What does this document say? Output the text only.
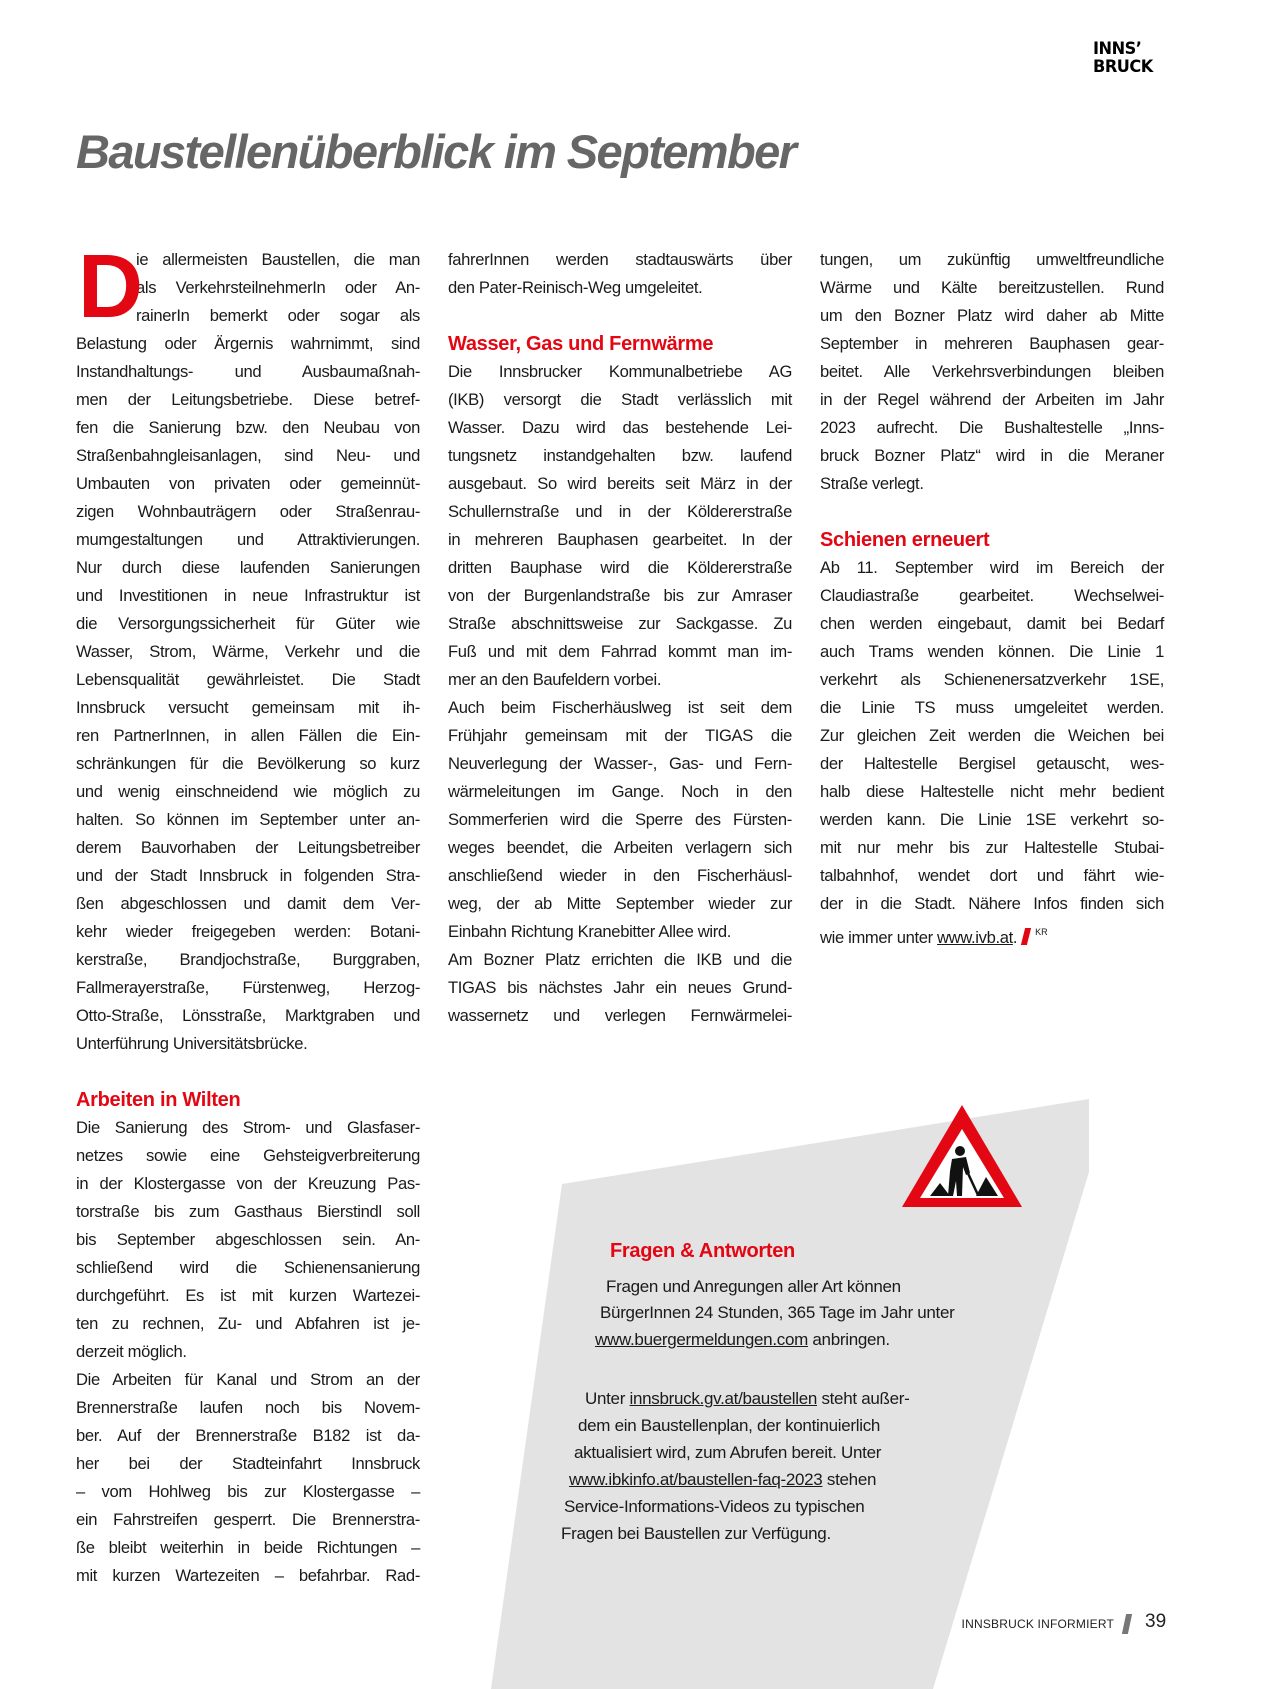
INNS’
BRUCK
Baustellenüberblick im September

D
ie allermeisten Baustellen, die man
als VerkehrsteilnehmerIn oder An-
rainerIn bemerkt oder sogar als
Belastung oder Ärgernis wahrnimmt, sind
Instandhaltungs- und Ausbaumaßnah-
men der Leitungsbetriebe. Diese betref-
fen die Sanierung bzw. den Neubau von
Straßenbahngleisanlagen, sind Neu- und
Umbauten von privaten oder gemeinnüt-
zigen Wohnbauträgern oder Straßenrau-
mumgestaltungen und Attraktivierungen.
Nur durch diese laufenden Sanierungen
und Investitionen in neue Infrastruktur ist
die Versorgungssicherheit für Güter wie
Wasser, Strom, Wärme, Verkehr und die
Lebensqualität gewährleistet. Die Stadt
Innsbruck versucht gemeinsam mit ih-
ren PartnerInnen, in allen Fällen die Ein-
schränkungen für die Bevölkerung so kurz
und wenig einschneidend wie möglich zu
halten. So können im September unter an-
derem Bauvorhaben der Leitungsbetreiber
und der Stadt Innsbruck in folgenden Stra-
ßen abgeschlossen und damit dem Ver-
kehr wieder freigegeben werden: Botani-
kerstraße, Brandjochstraße, Burggraben,
Fallmerayerstraße, Fürstenweg, Herzog-
Otto-Straße, Lönsstraße, Marktgraben und
Unterführung Universitätsbrücke.

Arbeiten in Wilten

Die Sanierung des Strom- und Glasfaser-
netzes sowie eine Gehsteigverbreiterung
in der Klostergasse von der Kreuzung Pas-
torstraße bis zum Gasthaus Bierstindl soll
bis September abgeschlossen sein. An-
schließend wird die Schienensanierung
durchgeführt. Es ist mit kurzen Wartezei-
ten zu rechnen, Zu- und Abfahren ist je-
derzeit möglich.

Die Arbeiten für Kanal und Strom an der
Brennerstraße laufen noch bis Novem-
ber. Auf der Brennerstraße B182 ist da-
her bei der Stadteinfahrt Innsbruck
– vom Hohlweg bis zur Klostergasse –
ein Fahrstreifen gesperrt. Die Brennerstra-
ße bleibt weiterhin in beide Richtungen –
mit kurzen Wartezeiten – befahrbar. Rad-

fahrerInnen werden stadtauswärts über
den Pater-Reinisch-Weg umgeleitet.

Wasser, Gas und Fernwärme

Die Innsbrucker Kommunalbetriebe AG
(IKB) versorgt die Stadt verlässlich mit
Wasser. Dazu wird das bestehende Lei-
tungsnetz instandgehalten bzw. laufend
ausgebaut. So wird bereits seit März in der
Schullernstraße und in der Köldererstraße
in mehreren Bauphasen gearbeitet. In der
dritten Bauphase wird die Köldererstraße
von der Burgenlandstraße bis zur Amraser
Straße abschnittsweise zur Sackgasse. Zu
Fuß und mit dem Fahrrad kommt man im-
mer an den Baufeldern vorbei.

Auch beim Fischerhäuslweg ist seit dem
Frühjahr gemeinsam mit der TIGAS die
Neuverlegung der Wasser-, Gas- und Fern-
wärmeleitungen im Gange. Noch in den
Sommerferien wird die Sperre des Fürsten-
weges beendet, die Arbeiten verlagern sich
anschließend wieder in den Fischerhäusl-
weg, der ab Mitte September wieder zur
Einbahn Richtung Kranebitter Allee wird.

Am Bozner Platz errichten die IKB und die
TIGAS bis nächstes Jahr ein neues Grund-
wassernetz und verlegen Fernwärmelei-

tungen, um zukünftig umweltfreundliche
Wärme und Kälte bereitzustellen. Rund
um den Bozner Platz wird daher ab Mitte
September in mehreren Bauphasen gear-
beitet. Alle Verkehrsverbindungen bleiben
in der Regel während der Arbeiten im Jahr
2023 aufrecht. Die Bushaltestelle „Inns-
bruck Bozner Platz“ wird in die Meraner
Straße verlegt.

Schienen erneuert

Ab 11. September wird im Bereich der
Claudiastraße gearbeitet. Wechselwei-
chen werden eingebaut, damit bei Bedarf
auch Trams wenden können. Die Linie 1
verkehrt als Schienenersatzverkehr 1SE,
die Linie TS muss umgeleitet werden.
Zur gleichen Zeit werden die Weichen bei
der Haltestelle Bergisel getauscht, wes-
halb diese Haltestelle nicht mehr bedient
werden kann. Die Linie 1SE verkehrt so-
mit nur mehr bis zur Haltestelle Stubai-
talbahnhof, wendet dort und fährt wie-
der in die Stadt. Nähere Infos finden sich
wie immer unter www.ivb.at. $^{KR}$

Fragen & Antworten
Fragen und Anregungen aller Art können
BürgerInnen 24 Stunden, 365 Tage im Jahr unter
www.buergermeldungen.com anbringen.
Unter innsbruck.gv.at/baustellen steht außer-
dem ein Baustellenplan, der kontinuierlich
aktualisiert wird, zum Abrufen bereit. Unter
www.ibkinfo.at/baustellen-faq-2023 stehen
Service-Informations-Videos zu typischen
Fragen bei Baustellen zur Verfügung.
INNSBRUCK INFORMIERT 39
